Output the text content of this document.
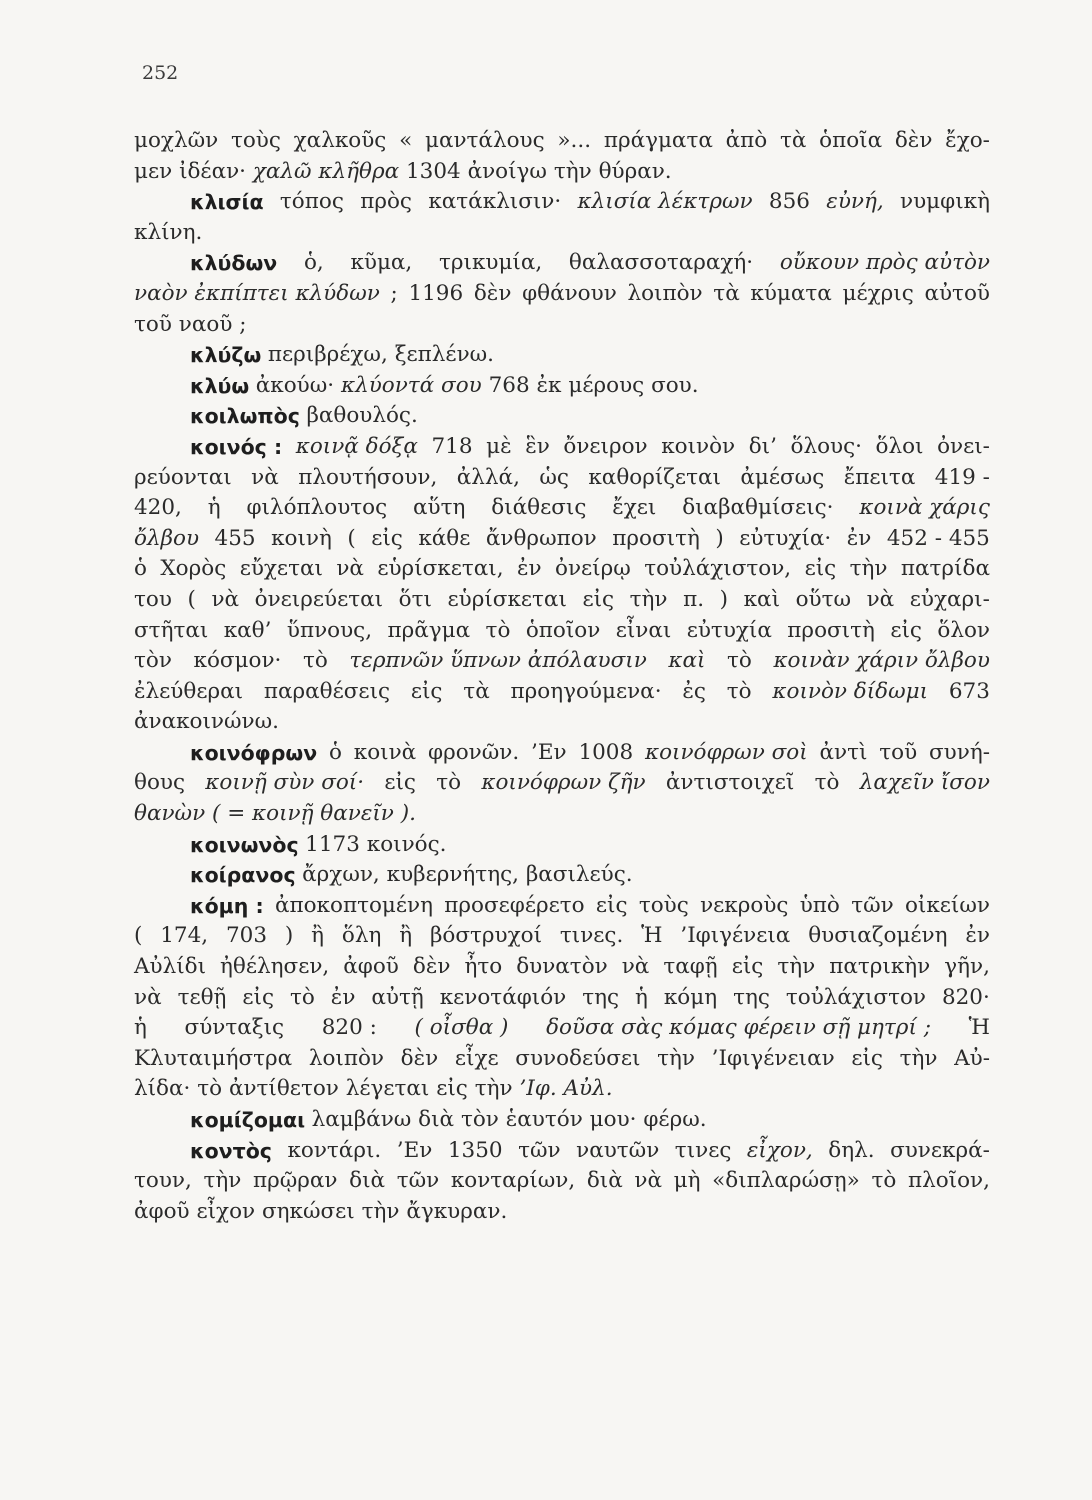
252
μοχλῶν τοὺς χαλκοῦς « μαντάλους »... πράγματα ἀπὸ τὰ ὁποῖα δὲν ἔχο-
μεν ἰδέαν· χαλῶ κλῆθρα 1304 ἀνοίγω τὴν θύραν.
κλισία τόπος πρὸς κατάκλισιν· κλισία λέκτρων 856 εὐνή, νυμφικὴ
κλίνη.
κλύδων ὁ, κῦμα, τρικυμία, θαλασσοταραχή· οὔκουν πρὸς αὐτὸν
ναὸν ἐκπίπτει κλύδων ; 1196 δὲν φθάνουν λοιπὸν τὰ κύματα μέχρις αὐτοῦ
τοῦ ναοῦ ;
κλύζω περιβρέχω, ξεπλένω.
κλύω ἀκούω· κλύοντά σου 768 ἐκ μέρους σου.
κοιλωπὸς βαθουλός.
κοινός : κοινᾷ δόξᾳ 718 μὲ ἓν ὄνειρον κοινὸν δι’ ὅλους· ὅλοι ὀνει-
ρεύονται νὰ πλουτήσουν, ἀλλά, ὡς καθορίζεται ἀμέσως ἔπειτα 419 -
420, ἡ φιλόπλουτος αὕτη διάθεσις ἔχει διαβαθμίσεις· κοινὰ χάρις
ὄλβου 455 κοινὴ ( εἰς κάθε ἄνθρωπον προσιτὴ ) εὐτυχία· ἐν 452 - 455
ὁ Χορὸς εὔχεται νὰ εὑρίσκεται, ἐν ὀνείρῳ τοὐλάχιστον, εἰς τὴν πατρίδα
του ( νὰ ὀνειρεύεται ὅτι εὑρίσκεται εἰς τὴν π. ) καὶ οὕτω νὰ εὐχαρι-
στῆται καθ’ ὕπνους, πρᾶγμα τὸ ὁποῖον εἶναι εὐτυχία προσιτὴ εἰς ὅλον
τὸν κόσμον· τὸ τερπνῶν ὕπνων ἀπόλαυσιν καὶ τὸ κοινὰν χάριν ὄλβου
ἐλεύθεραι παραθέσεις εἰς τὰ προηγούμενα· ἐς τὸ κοινὸν δίδωμι 673
ἀνακοινώνω.
κοινόφρων ὁ κοινὰ φρονῶν. ’Εν 1008 κοινόφρων σοὶ ἀντὶ τοῦ συνή-
θους κοινῇ σὺν σοί· εἰς τὸ κοινόφρων ζῆν ἀντιστοιχεῖ τὸ λαχεῖν ἴσον
θανὼν ( = κοινῇ θανεῖν ).
κοινωνὸς 1173 κοινός.
κοίρανος ἄρχων, κυβερνήτης, βασιλεύς.
κόμη : ἀποκοπτομένη προσεφέρετο εἰς τοὺς νεκροὺς ὑπὸ τῶν οἰκείων
( 174, 703 ) ἢ ὅλη ἢ βόστρυχοί τινες. Ἡ ’Ιφιγένεια θυσιαζομένη ἐν
Αὐλίδι ἠθέλησεν, ἀφοῦ δὲν ἦτο δυνατὸν νὰ ταφῇ εἰς τὴν πατρικὴν γῆν,
νὰ τεθῇ εἰς τὸ ἐν αὐτῇ κενοτάφιόν της ἡ κόμη της τοὐλάχιστον 820·
ἡ σύνταξις 820 : ( οἶσθα ) δοῦσα σὰς κόμας φέρειν σῇ μητρί ; Ἡ
Κλυταιμήστρα λοιπὸν δὲν εἶχε συνοδεύσει τὴν ’Ιφιγένειαν εἰς τὴν Αὐ-
λίδα· τὸ ἀντίθετον λέγεται εἰς τὴν ’Ιφ. Αὐλ.
κομίζομαι λαμβάνω διὰ τὸν ἑαυτόν μου· φέρω.
κοντὸς κοντάρι. ’Εν 1350 τῶν ναυτῶν τινες εἶχον, δηλ. συνεκρά-
τουν, τὴν πρῷραν διὰ τῶν κονταρίων, διὰ νὰ μὴ «διπλαρώσῃ» τὸ πλοῖον,
ἀφοῦ εἶχον σηκώσει τὴν ἄγκυραν.
